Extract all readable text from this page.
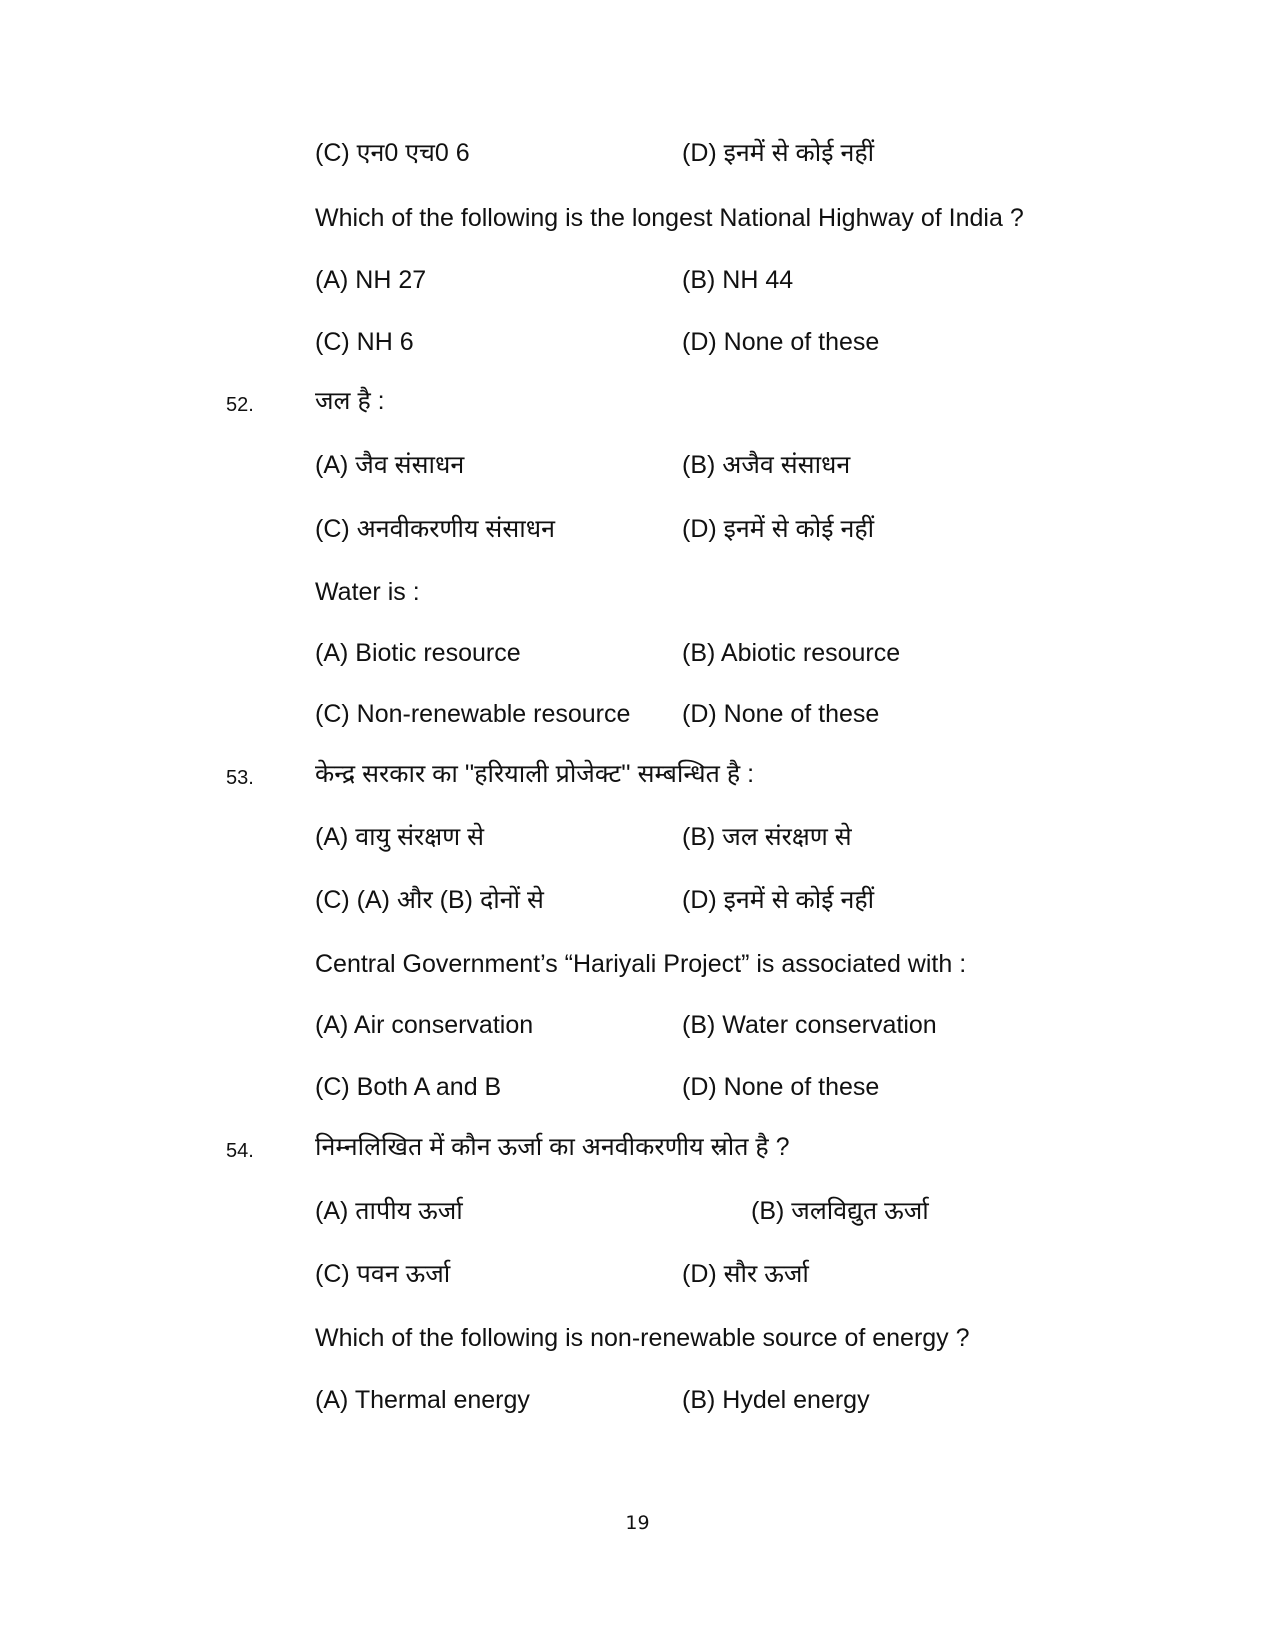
(C) एन0 एच0 6	(D) इनमें से कोई नहीं
Which of the following is the longest National Highway of India ?
(A) NH 27	(B) NH 44
(C) NH 6	(D) None of these
52.	जल है :
(A) जैव संसाधन	(B) अजैव संसाधन
(C) अनवीकरणीय संसाधन	(D) इनमें से कोई नहीं
Water is :
(A) Biotic resource	(B) Abiotic resource
(C) Non-renewable resource (D) None of these
53.	केन्द्र सरकार का ''हरियाली प्रोजेक्ट'' सम्बन्धित है :
(A) वायु संरक्षण से	(B) जल संरक्षण से
(C) (A) और (B) दोनों से	(D) इनमें से कोई नहीं
Central Government’s “Hariyali Project” is associated with :
(A) Air conservation	(B) Water conservation
(C) Both A and B	(D) None of these
54.	निम्नलिखित में कौन ऊर्जा का अनवीकरणीय स्रोत है ?
(A) तापीय ऊर्जा	(B) जलविद्युत ऊर्जा
(C) पवन ऊर्जा	(D) सौर ऊर्जा
Which of the following is non-renewable source of energy ?
(A) Thermal energy	(B) Hydel energy
19
